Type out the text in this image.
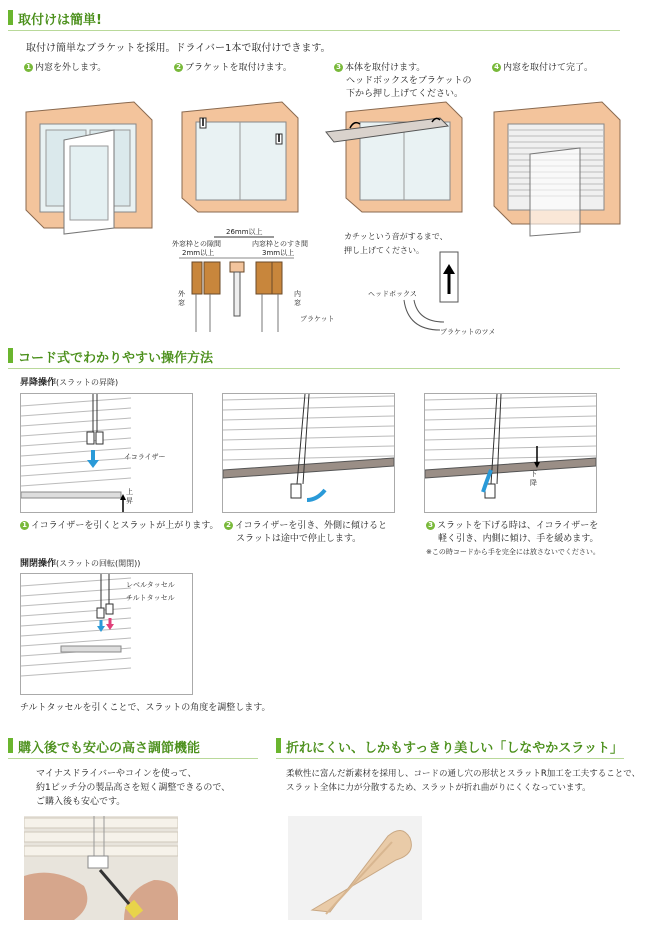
取付けは簡単!
取付け簡単なブラケットを採用。ドライバー1本で取付けできます。
1 内窓を外します。	2 ブラケットを取付けます。	3 本体を取付けます。
ヘッドボックスをブラケットの
下から押し上げてください。
4 内窓を取付けて完了。
26mm以上
外窓枠との隙間
2mm以上
内窓枠とのすき間
3mm以上
外窓
内窓
ブラケット
カチッという音がするまで、
押し上げてください。
ヘッドボックス
ブラケットのツメ
コード式でわかりやすい操作方法
昇降操作(スラットの昇降)
イコライザー
上昇
下降
1 イコライザーを引くとスラットが上がります。 2 イコライザーを引き、外側に傾けると
スラットは途中で停止します。
3 スラットを下げる時は、イコライザーを
軽く引き、内側に傾け、手を緩めます。
※この時コードから手を完全には放さないでください。
開閉操作(スラットの回転(開閉))
レベルタッセル
チルトタッセル
チルトタッセルを引くことで、スラットの角度を調整します。
購入後でも安心の高さ調節機能
マイナスドライバーやコインを使って、
約1ピッチ分の製品高さを短く調整できるので、
ご購入後も安心です。
折れにくい、しかもすっきり美しい「しなやかスラット」
柔軟性に富んだ新素材を採用し、コードの通し穴の形状とスラットR加工を工夫することで、
スラット全体に力が分散するため、スラットが折れ曲がりにくくなっています。
